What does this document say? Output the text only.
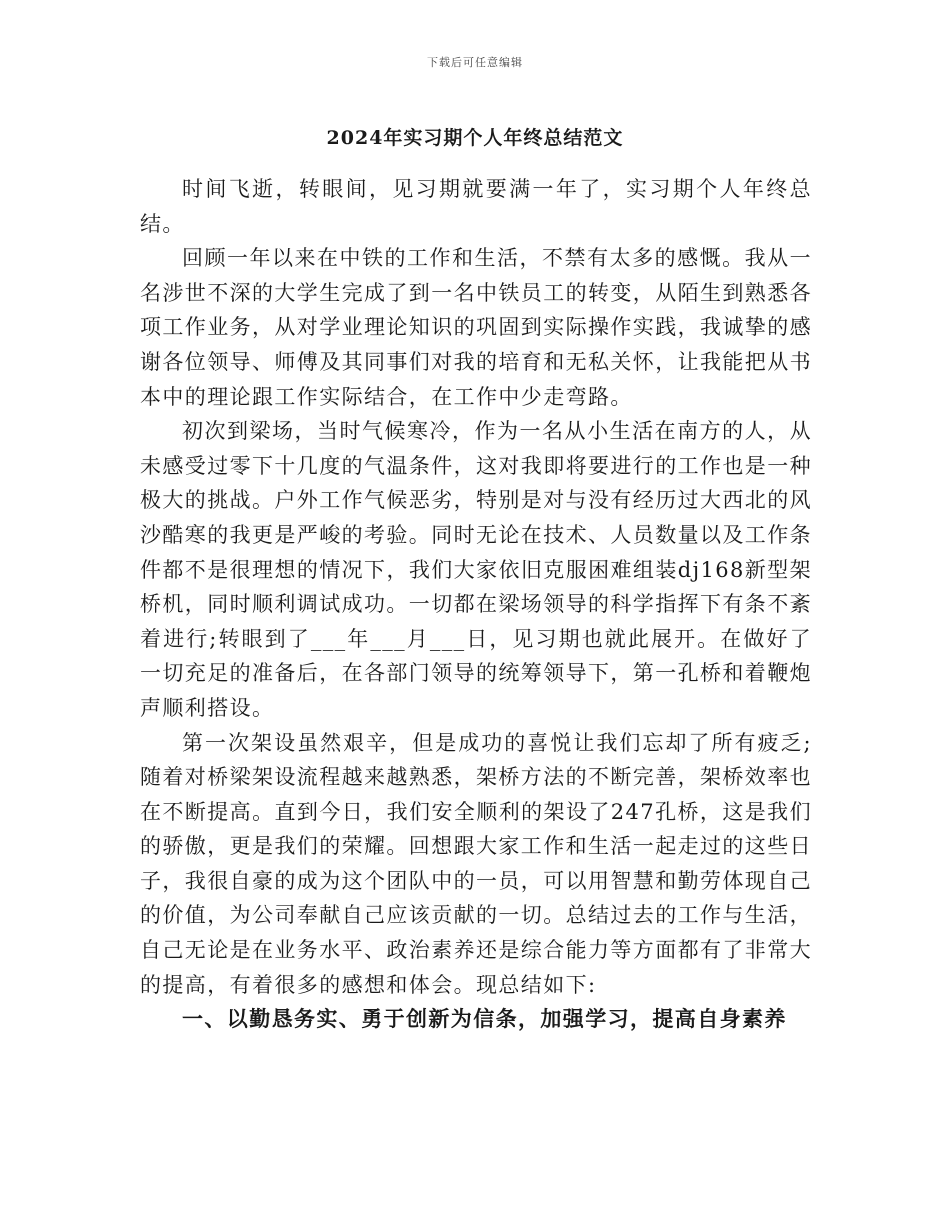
下载后可任意编辑
2024年实习期个人年终总结范文

时间飞逝，转眼间，见习期就要满一年了，实习期个人年终总结。

回顾一年以来在中铁的工作和生活，不禁有太多的感慨。我从一名涉世不深的大学生完成了到一名中铁员工的转变，从陌生到熟悉各项工作业务，从对学业理论知识的巩固到实际操作实践，我诚挚的感谢各位领导、师傅及其同事们对我的培育和无私关怀，让我能把从书本中的理论跟工作实际结合，在工作中少走弯路。

初次到梁场，当时气候寒冷，作为一名从小生活在南方的人，从未感受过零下十几度的气温条件，这对我即将要进行的工作也是一种极大的挑战。户外工作气候恶劣，特别是对与没有经历过大西北的风沙酷寒的我更是严峻的考验。同时无论在技术、人员数量以及工作条件都不是很理想的情况下，我们大家依旧克服困难组装dj168新型架桥机，同时顺利调试成功。一切都在梁场领导的科学指挥下有条不紊着进行;转眼到了___年___月___日，见习期也就此展开。在做好了一切充足的准备后，在各部门领导的统筹领导下，第一孔桥和着鞭炮声顺利搭设。

第一次架设虽然艰辛，但是成功的喜悦让我们忘却了所有疲乏;随着对桥梁架设流程越来越熟悉，架桥方法的不断完善，架桥效率也在不断提高。直到今日，我们安全顺利的架设了247孔桥，这是我们的骄傲，更是我们的荣耀。回想跟大家工作和生活一起走过的这些日子，我很自豪的成为这个团队中的一员，可以用智慧和勤劳体现自己的价值，为公司奉献自己应该贡献的一切。总结过去的工作与生活，自己无论是在业务水平、政治素养还是综合能力等方面都有了非常大的提高，有着很多的感想和体会。现总结如下:

一、以勤恳务实、勇于创新为信条，加强学习，提高自身素养
